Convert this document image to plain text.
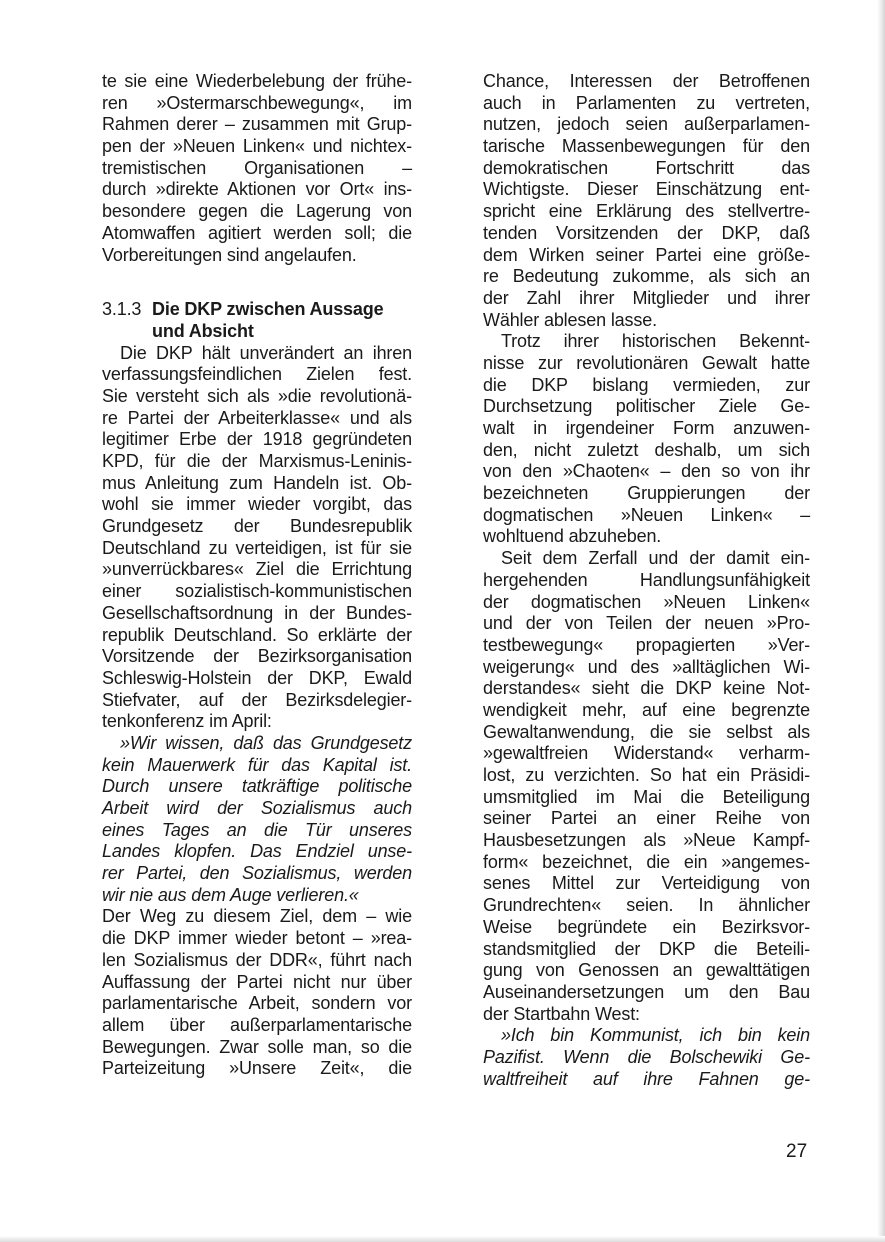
te sie eine Wiederbelebung der frühe-
ren »Ostermarschbewegung«, im
Rahmen derer – zusammen mit Grup-
pen der »Neuen Linken« und nichtex-
tremistischen Organisationen –
durch »direkte Aktionen vor Ort« ins-
besondere gegen die Lagerung von
Atomwaffen agitiert werden soll; die
Vorbereitungen sind angelaufen.
3.1.3 Die DKP zwischen Aussage
und Absicht
Die DKP hält unverändert an ihren
verfassungsfeindlichen Zielen fest.
Sie versteht sich als »die revolutionä-
re Partei der Arbeiterklasse« und als
legitimer Erbe der 1918 gegründeten
KPD, für die der Marxismus-Leninis-
mus Anleitung zum Handeln ist. Ob-
wohl sie immer wieder vorgibt, das
Grundgesetz der Bundesrepublik
Deutschland zu verteidigen, ist für sie
»unverrückbares« Ziel die Errichtung
einer sozialistisch-kommunistischen
Gesellschaftsordnung in der Bundes-
republik Deutschland. So erklärte der
Vorsitzende der Bezirksorganisation
Schleswig-Holstein der DKP, Ewald
Stiefvater, auf der Bezirksdelegier-
tenkonferenz im April:
»Wir wissen, daß das Grundgesetz
kein Mauerwerk für das Kapital ist.
Durch unsere tatkräftige politische
Arbeit wird der Sozialismus auch
eines Tages an die Tür unseres
Landes klopfen. Das Endziel unse-
rer Partei, den Sozialismus, werden
wir nie aus dem Auge verlieren.«
Der Weg zu diesem Ziel, dem – wie
die DKP immer wieder betont – »rea-
len Sozialismus der DDR«, führt nach
Auffassung der Partei nicht nur über
parlamentarische Arbeit, sondern vor
allem über außerparlamentarische
Bewegungen. Zwar solle man, so die
Parteizeitung »Unsere Zeit«, die
Chance, Interessen der Betroffenen
auch in Parlamenten zu vertreten,
nutzen, jedoch seien außerparlamen-
tarische Massenbewegungen für den
demokratischen Fortschritt das
Wichtigste. Dieser Einschätzung ent-
spricht eine Erklärung des stellvertre-
tenden Vorsitzenden der DKP, daß
dem Wirken seiner Partei eine größe-
re Bedeutung zukomme, als sich an
der Zahl ihrer Mitglieder und ihrer
Wähler ablesen lasse.
Trotz ihrer historischen Bekennt-
nisse zur revolutionären Gewalt hatte
die DKP bislang vermieden, zur
Durchsetzung politischer Ziele Ge-
walt in irgendeiner Form anzuwen-
den, nicht zuletzt deshalb, um sich
von den »Chaoten« – den so von ihr
bezeichneten Gruppierungen der
dogmatischen »Neuen Linken« –
wohltuend abzuheben.
Seit dem Zerfall und der damit ein-
hergehenden Handlungsunfähigkeit
der dogmatischen »Neuen Linken«
und der von Teilen der neuen »Pro-
testbewegung« propagierten »Ver-
weigerung« und des »alltäglichen Wi-
derstandes« sieht die DKP keine Not-
wendigkeit mehr, auf eine begrenzte
Gewaltanwendung, die sie selbst als
»gewaltfreien Widerstand« verharm-
lost, zu verzichten. So hat ein Präsidi-
umsmitglied im Mai die Beteiligung
seiner Partei an einer Reihe von
Hausbesetzungen als »Neue Kampf-
form« bezeichnet, die ein »angemes-
senes Mittel zur Verteidigung von
Grundrechten« seien. In ähnlicher
Weise begründete ein Bezirksvor-
standsmitglied der DKP die Beteili-
gung von Genossen an gewalttätigen
Auseinandersetzungen um den Bau
der Startbahn West:
»Ich bin Kommunist, ich bin kein
Pazifist. Wenn die Bolschewiki Ge-
waltfreiheit auf ihre Fahnen ge-
27
